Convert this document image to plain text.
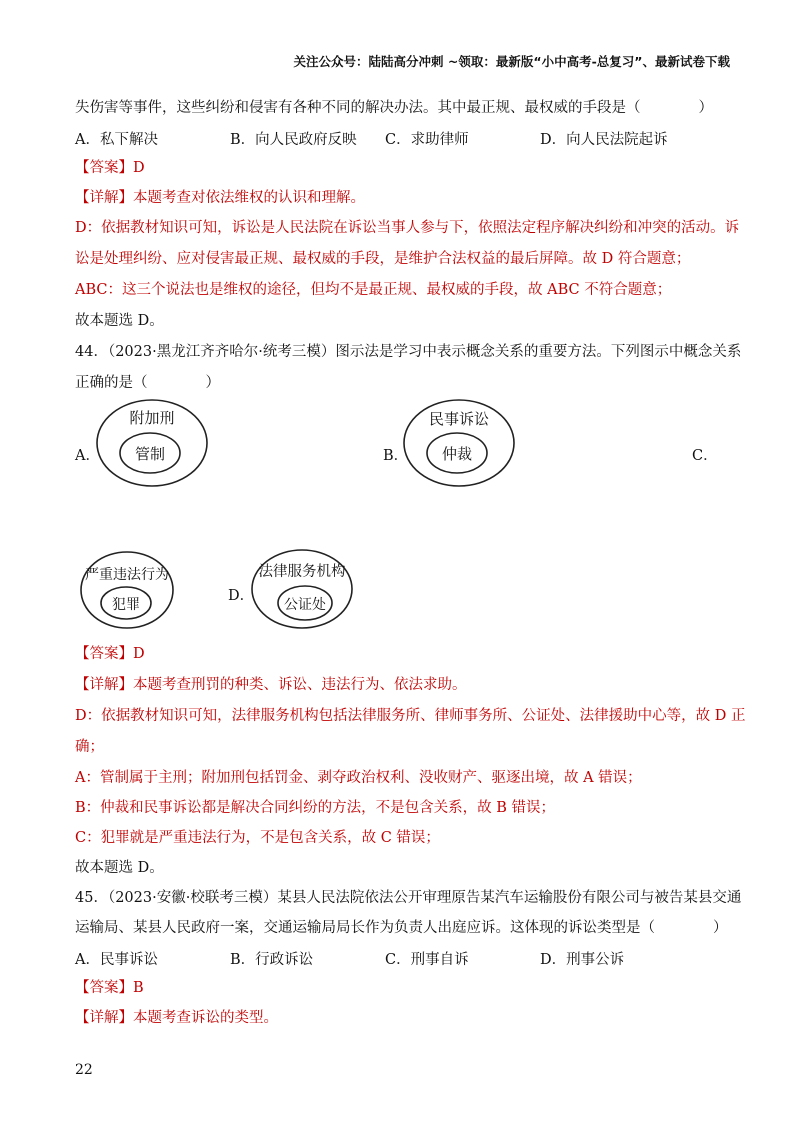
关注公众号：陆陆高分冲刺 ~领取：最新版“小中高考-总复习”、最新试卷下载
失伤害等事件，这些纠纷和侵害有各种不同的解决办法。其中最正规、最权威的手段是（　　　　）
A．私下解决	B．向人民政府反映 C．求助律师	D．向人民法院起诉
【答案】D
【详解】本题考查对依法维权的认识和理解。
D：依据教材知识可知，诉讼是人民法院在诉讼当事人参与下，依照法定程序解决纠纷和冲突的活动。诉
讼是处理纠纷、应对侵害最正规、最权威的手段，是维护合法权益的最后屏障。故 D 符合题意；
ABC：这三个说法也是维权的途径，但均不是最正规、最权威的手段，故 ABC 不符合题意；
故本题选 D。
44．（2023·黑龙江齐齐哈尔·统考三模）图示法是学习中表示概念关系的重要方法。下列图示中概念关系
正确的是（　　　　）
A．	B．	C．
D．
附加刑
管制
民事诉讼
仲裁
严重违法行为
犯罪
法律服务机构
公证处
【答案】D
【详解】本题考查刑罚的种类、诉讼、违法行为、依法求助。
D：依据教材知识可知，法律服务机构包括法律服务所、律师事务所、公证处、法律援助中心等，故 D 正
确；
A：管制属于主刑；附加刑包括罚金、剥夺政治权利、没收财产、驱逐出境，故 A 错误；
B：仲裁和民事诉讼都是解决合同纠纷的方法，不是包含关系，故 B 错误；
C：犯罪就是严重违法行为，不是包含关系，故 C 错误；
故本题选 D。
45．（2023·安徽·校联考三模）某县人民法院依法公开审理原告某汽车运输股份有限公司与被告某县交通
运输局、某县人民政府一案，交通运输局局长作为负责人出庭应诉。这体现的诉讼类型是（　　　　）
A．民事诉讼	B．行政诉讼	C．刑事自诉	D．刑事公诉
【答案】B
【详解】本题考查诉讼的类型。
22
